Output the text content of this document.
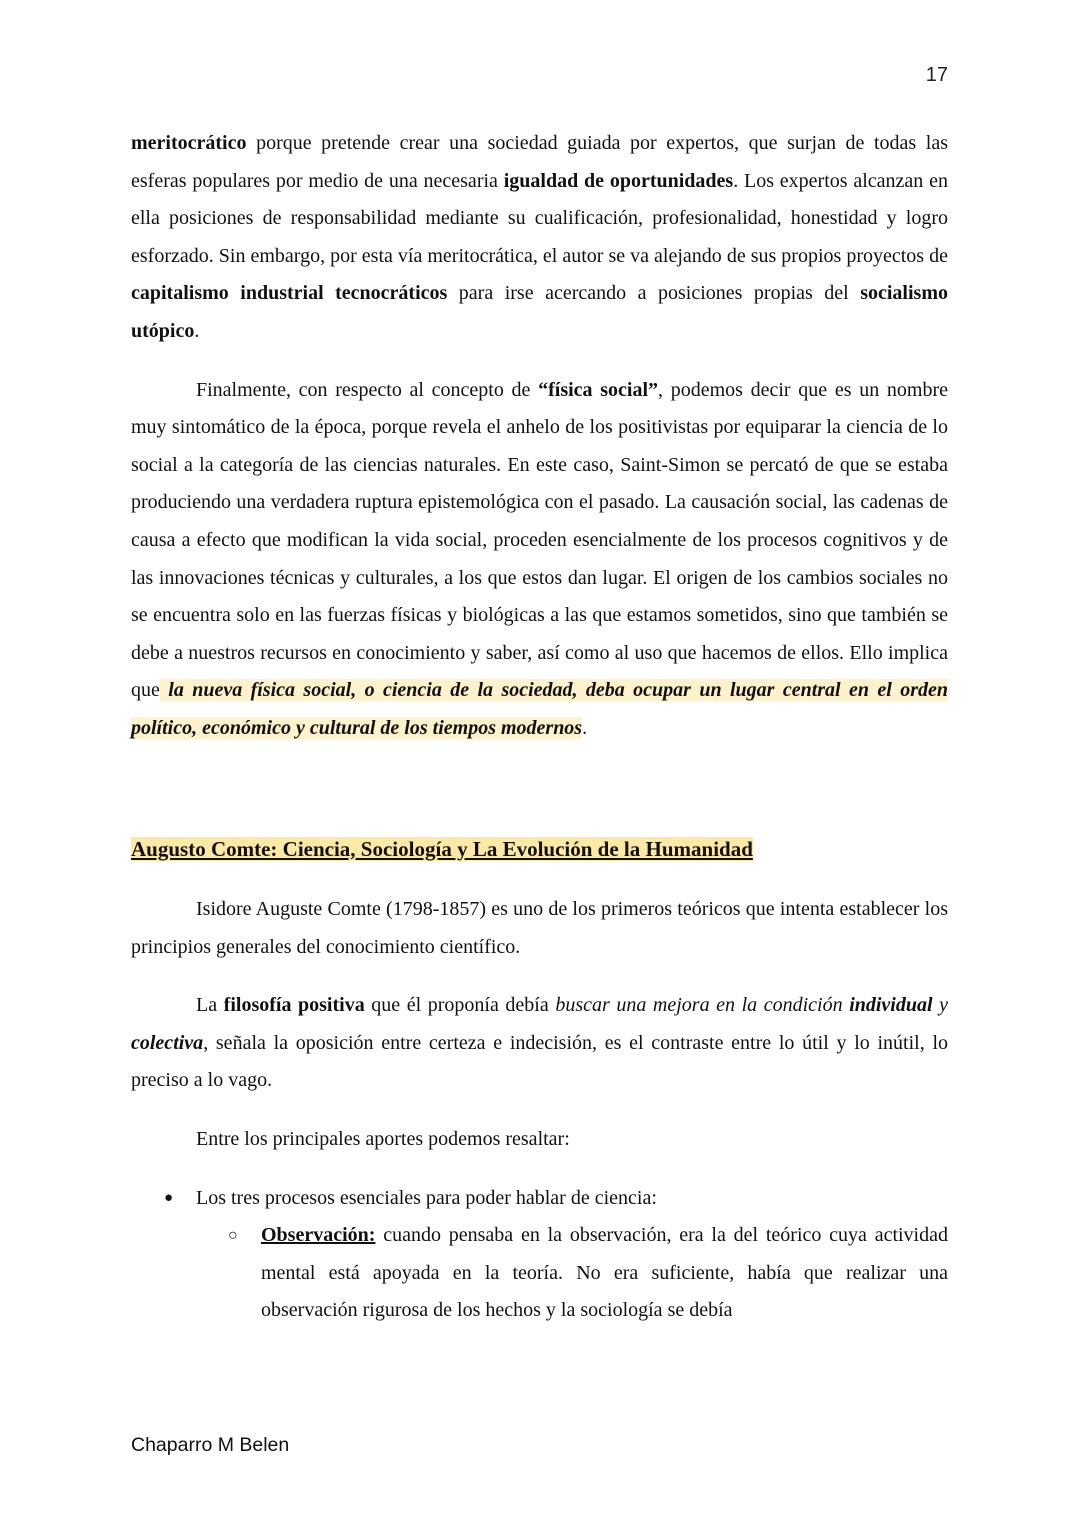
17

meritocrático porque pretende crear una sociedad guiada por expertos, que surjan de todas las esferas populares por medio de una necesaria igualdad de oportunidades. Los expertos alcanzan en ella posiciones de responsabilidad mediante su cualificación, profesionalidad, honestidad y logro esforzado. Sin embargo, por esta vía meritocrática, el autor se va alejando de sus propios proyectos de capitalismo industrial tecnocráticos para irse acercando a posiciones propias del socialismo utópico.

Finalmente, con respecto al concepto de “física social”, podemos decir que es un nombre muy sintomático de la época, porque revela el anhelo de los positivistas por equiparar la ciencia de lo social a la categoría de las ciencias naturales. En este caso, Saint-Simon se percató de que se estaba produciendo una verdadera ruptura epistemológica con el pasado. La causación social, las cadenas de causa a efecto que modifican la vida social, proceden esencialmente de los procesos cognitivos y de las innovaciones técnicas y culturales, a los que estos dan lugar. El origen de los cambios sociales no se encuentra solo en las fuerzas físicas y biológicas a las que estamos sometidos, sino que también se debe a nuestros recursos en conocimiento y saber, así como al uso que hacemos de ellos. Ello implica que la nueva física social, o ciencia de la sociedad, deba ocupar un lugar central en el orden político, económico y cultural de los tiempos modernos.

Augusto Comte: Ciencia, Sociología y La Evolución de la Humanidad

Isidore Auguste Comte (1798-1857) es uno de los primeros teóricos que intenta establecer los principios generales del conocimiento científico.

La filosofía positiva que él proponía debía buscar una mejora en la condición individual y colectiva, señala la oposición entre certeza e indecisión, es el contraste entre lo útil y lo inútil, lo preciso a lo vago.

Entre los principales aportes podemos resaltar:

● Los tres procesos esenciales para poder hablar de ciencia:
○ Observación: cuando pensaba en la observación, era la del teórico cuya actividad mental está apoyada en la teoría. No era suficiente, había que realizar una observación rigurosa de los hechos y la sociología se debía
Chaparro M Belen
